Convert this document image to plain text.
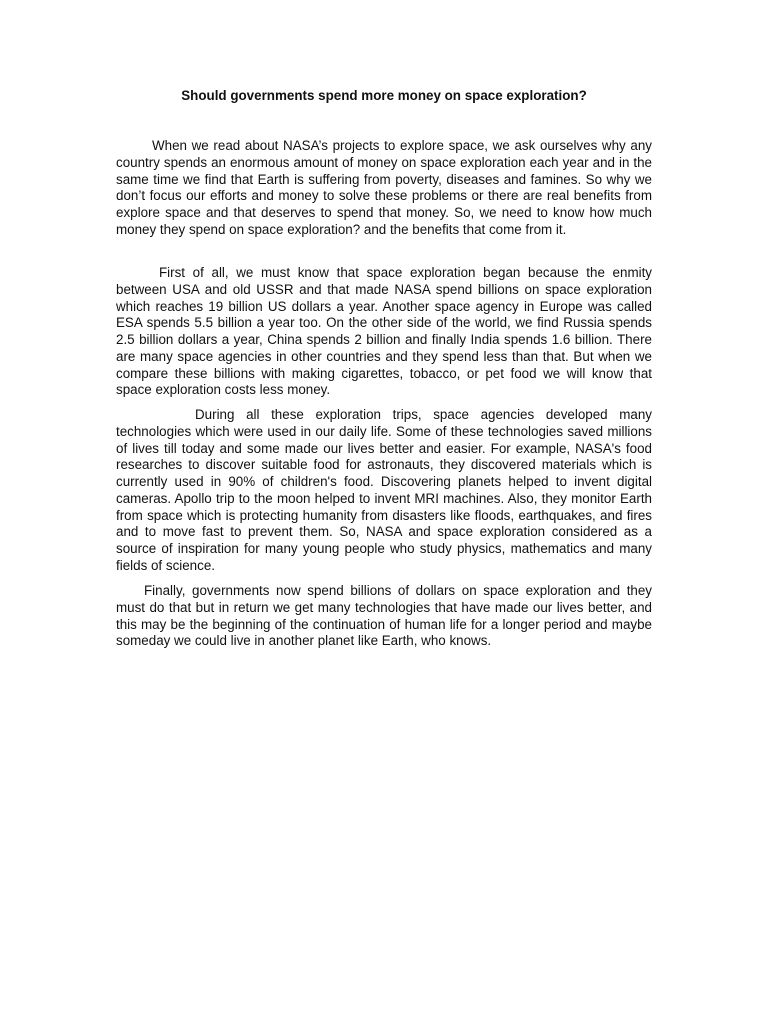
Should governments spend more money on space exploration?

When we read about NASA’s projects to explore space, we ask ourselves why any country spends an enormous amount of money on space exploration each year and in the same time we find that Earth is suffering from poverty, diseases and famines. So why we don’t focus our efforts and money to solve these problems or there are real benefits from explore space and that deserves to spend that money. So, we need to know how much money they spend on space exploration? and the benefits that come from it.

First of all, we must know that space exploration began because the enmity between USA and old USSR and that made NASA spend billions on space exploration which reaches 19 billion US dollars a year. Another space agency in Europe was called ESA spends 5.5 billion a year too. On the other side of the world, we find Russia spends 2.5 billion dollars a year, China spends 2 billion and finally India spends 1.6 billion. There are many space agencies in other countries and they spend less than that. But when we compare these billions with making cigarettes, tobacco, or pet food we will know that space exploration costs less money.

During all these exploration trips, space agencies developed many technologies which were used in our daily life. Some of these technologies saved millions of lives till today and some made our lives better and easier. For example, NASA's food researches to discover suitable food for astronauts, they discovered materials which is currently used in 90% of children's food. Discovering planets helped to invent digital cameras. Apollo trip to the moon helped to invent MRI machines. Also, they monitor Earth from space which is protecting humanity from disasters like floods, earthquakes, and fires and to move fast to prevent them. So, NASA and space exploration considered as a source of inspiration for many young people who study physics, mathematics and many fields of science.

Finally, governments now spend billions of dollars on space exploration and they must do that but in return we get many technologies that have made our lives better, and this may be the beginning of the continuation of human life for a longer period and maybe someday we could live in another planet like Earth, who knows.
